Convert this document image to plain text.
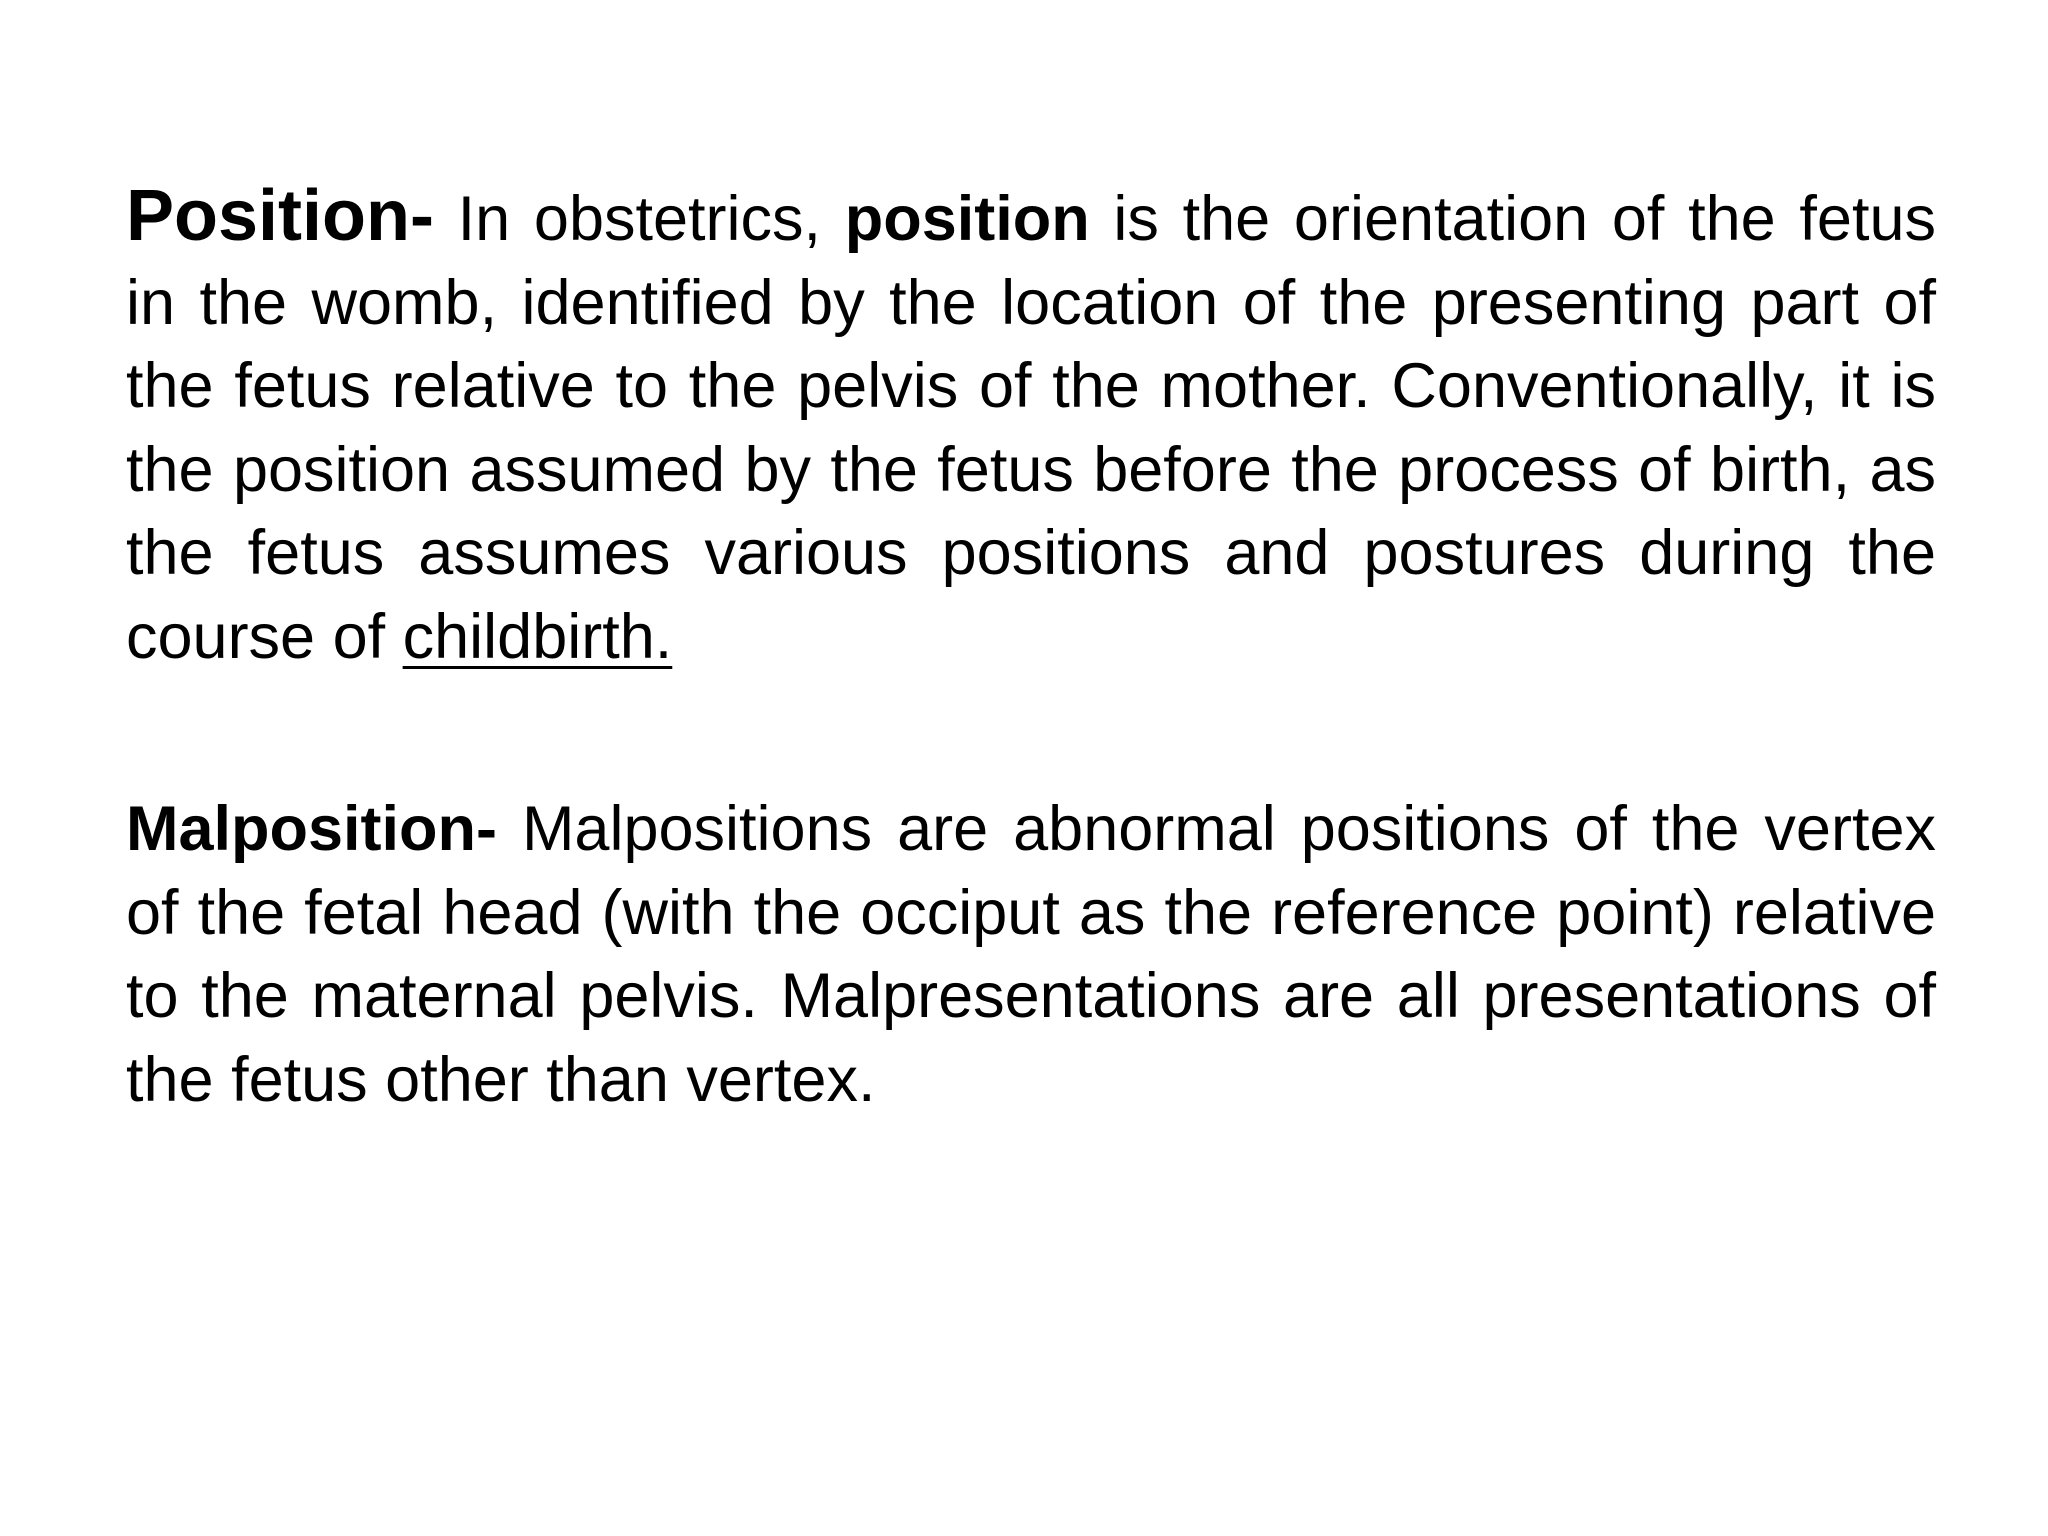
Position- In obstetrics, position is the orientation of the fetus in the womb, identified by the location of the presenting part of the fetus relative to the pelvis of the mother. Conventionally, it is the position assumed by the fetus before the process of birth, as the fetus assumes various positions and postures during the course of childbirth.

Malposition- Malpositions are abnormal positions of the vertex of the fetal head (with the occiput as the reference point) relative to the maternal pelvis. Malpresentations are all presentations of the fetus other than vertex.
